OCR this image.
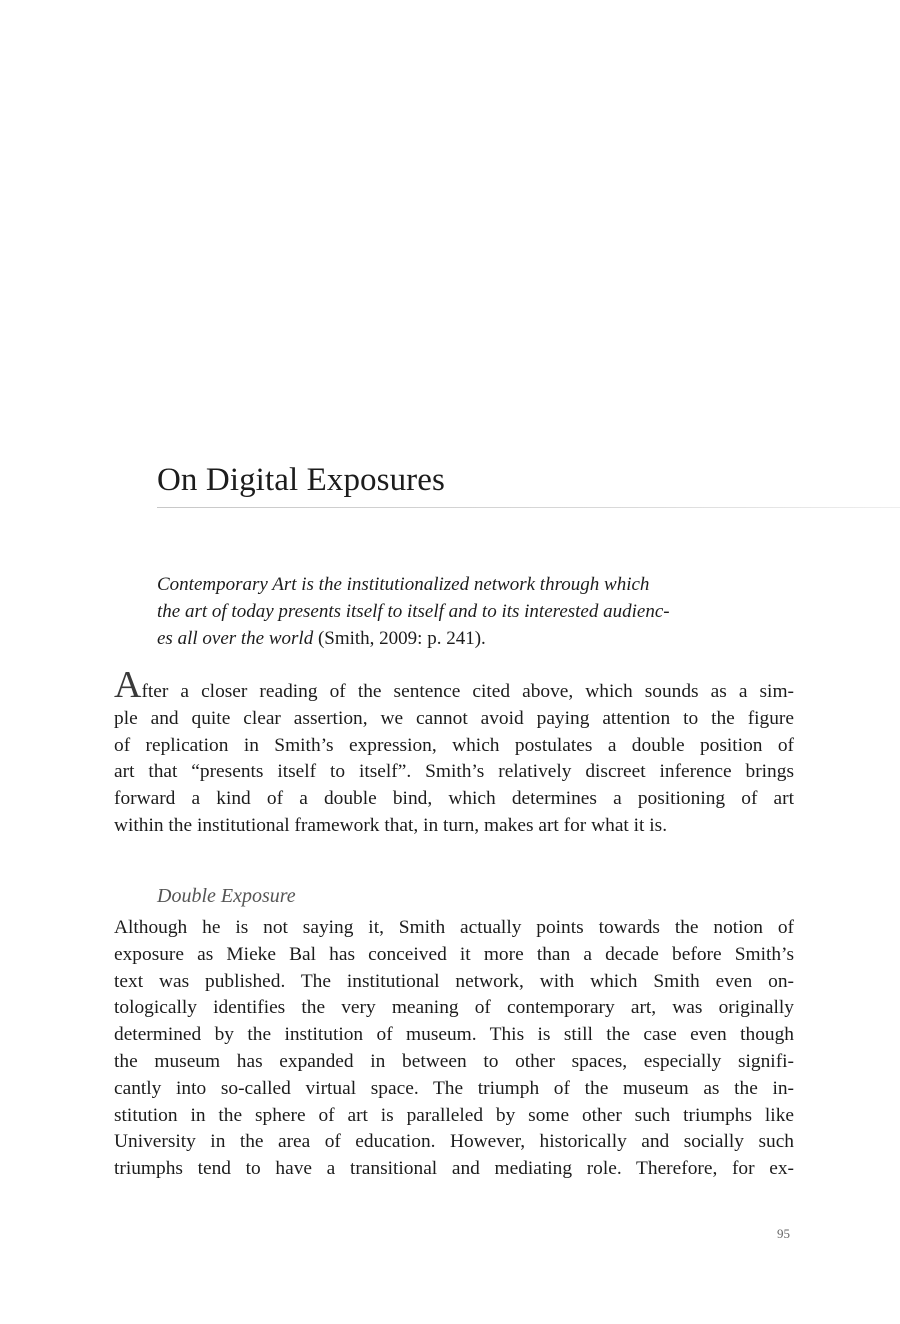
On Digital Exposures
Contemporary Art is the institutionalized network through which
the art of today presents itself to itself and to its interested audienc-
es all over the world (Smith, 2009: p. 241).
After a closer reading of the sentence cited above, which sounds as a sim-
ple and quite clear assertion, we cannot avoid paying attention to the figure
of replication in Smith’s expression, which postulates a double position of
art that “presents itself to itself”. Smith’s relatively discreet inference brings
forward a kind of a double bind, which determines a positioning of art
within the institutional framework that, in turn, makes art for what it is.
Double Exposure
Although he is not saying it, Smith actually points towards the notion of
exposure as Mieke Bal has conceived it more than a decade before Smith’s
text was published. The institutional network, with which Smith even on-
tologically identifies the very meaning of contemporary art, was originally
determined by the institution of museum. This is still the case even though
the museum has expanded in between to other spaces, especially signifi-
cantly into so-called virtual space. The triumph of the museum as the in-
stitution in the sphere of art is paralleled by some other such triumphs like
University in the area of education. However, historically and socially such
triumphs tend to have a transitional and mediating role. Therefore, for ex-
95
